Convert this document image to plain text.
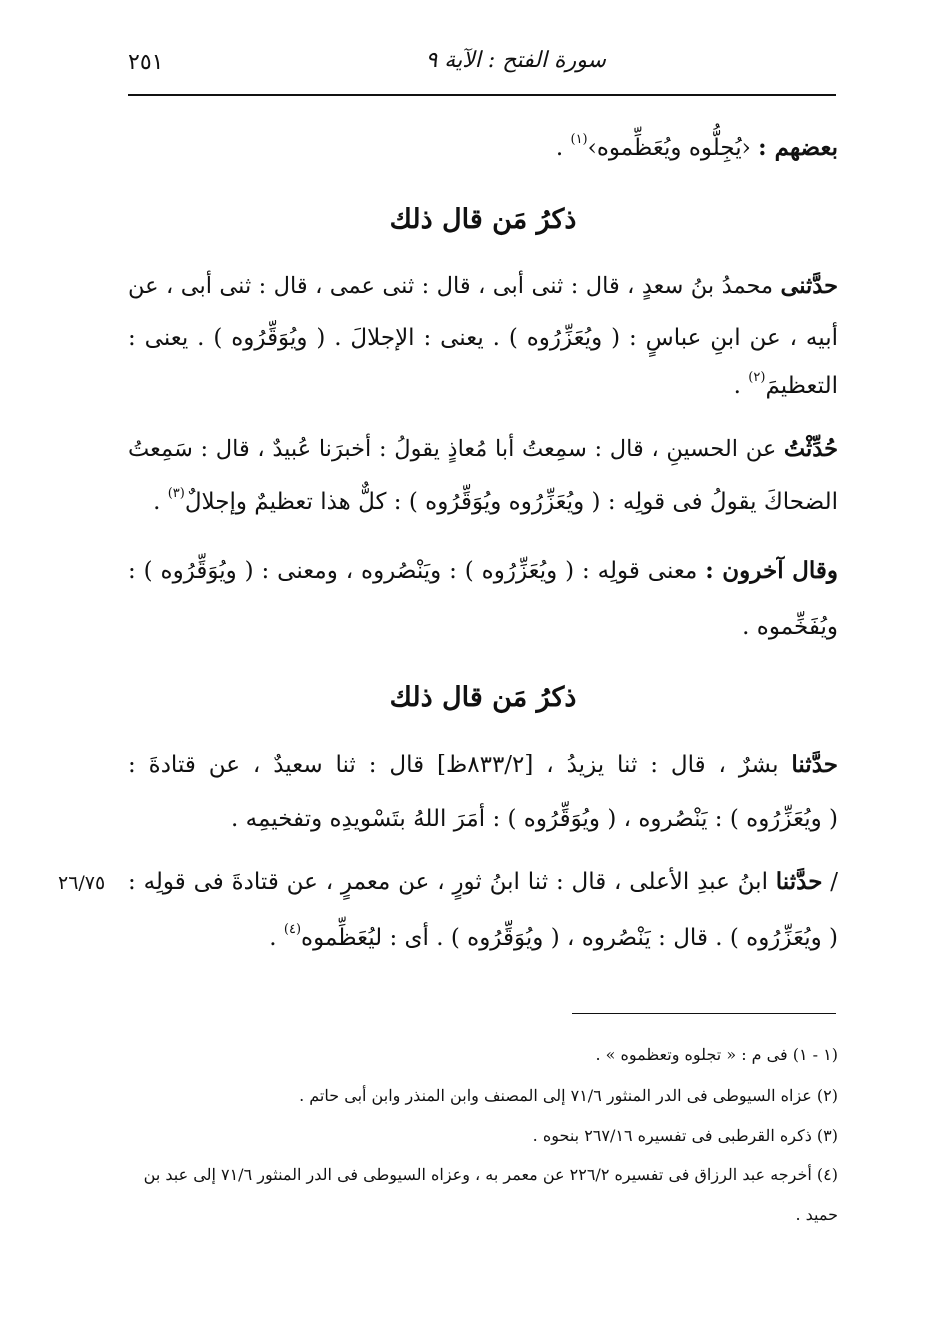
٢٥١	سورة الفتح : الآية ٩
بعضهم : ‹يُجِلُّوه ويُعَظِّموه›$^{(١)}$ .
ذكرُ مَن قال ذلك
حدَّثنى محمدُ بنُ سعدٍ ، قال : ثنى أبى ، قال : ثنى عمى ، قال : ثنى أبى ، عن
أبيه ، عن ابنِ عباسٍ : ( ويُعَزِّرُوه ) . يعنى : الإجلالَ . ( ويُوَقِّرُوه ) . يعنى :
التعظيمَ$^{(٢)}$ .
حُدِّثْتُ عن الحسينِ ، قال : سمِعتُ أبا مُعاذٍ يقولُ : أخبرَنا عُبيدٌ ، قال : سَمِعتُ
الضحاكَ يقولُ فى قولِه : ( ويُعَزِّرُوه ويُوَقِّرُوه ) : كلٌّ هذا تعظيمٌ وإجلالٌ$^{(٣)}$ .
وقال آخرون : معنى قولِه : ( ويُعَزِّرُوه ) : ويَنْصُروه ، ومعنى : ( ويُوَقِّرُوه ) :
ويُفَخِّموه .
ذكرُ مَن قال ذلك
حدَّثنا بشرٌ ، قال : ثنا يزيدُ ، [٨٣٣/٢ظ] قال : ثنا سعيدٌ ، عن قتادةَ :
( ويُعَزِّرُوه ) : يَنْصُروه ، ( ويُوَقِّرُوه ) : أمَرَ اللهُ بتَسْويدِه وتفخيمِه .
/ حدَّثنا ابنُ عبدِ الأعلى ، قال : ثنا ابنُ ثورٍ ، عن معمرٍ ، عن قتادةَ فى قولِه :
( ويُعَزِّرُوه ) . قال : يَنْصُروه ، ( ويُوَقِّرُوه ) . أى : ليُعَظِّموه$^{(٤)}$ .
٢٦/٧٥
(١ - ١) فى م : « تجلوه وتعظموه » .
(٢) عزاه السيوطى فى الدر المنثور ٧١/٦ إلى المصنف وابن المنذر وابن أبى حاتم .
(٣) ذكره القرطبى فى تفسيره ٢٦٧/١٦ بنحوه .
(٤) أخرجه عبد الرزاق فى تفسيره ٢٢٦/٢ عن معمر به ، وعزاه السيوطى فى الدر المنثور ٧١/٦ إلى عبد بن
حميد .
